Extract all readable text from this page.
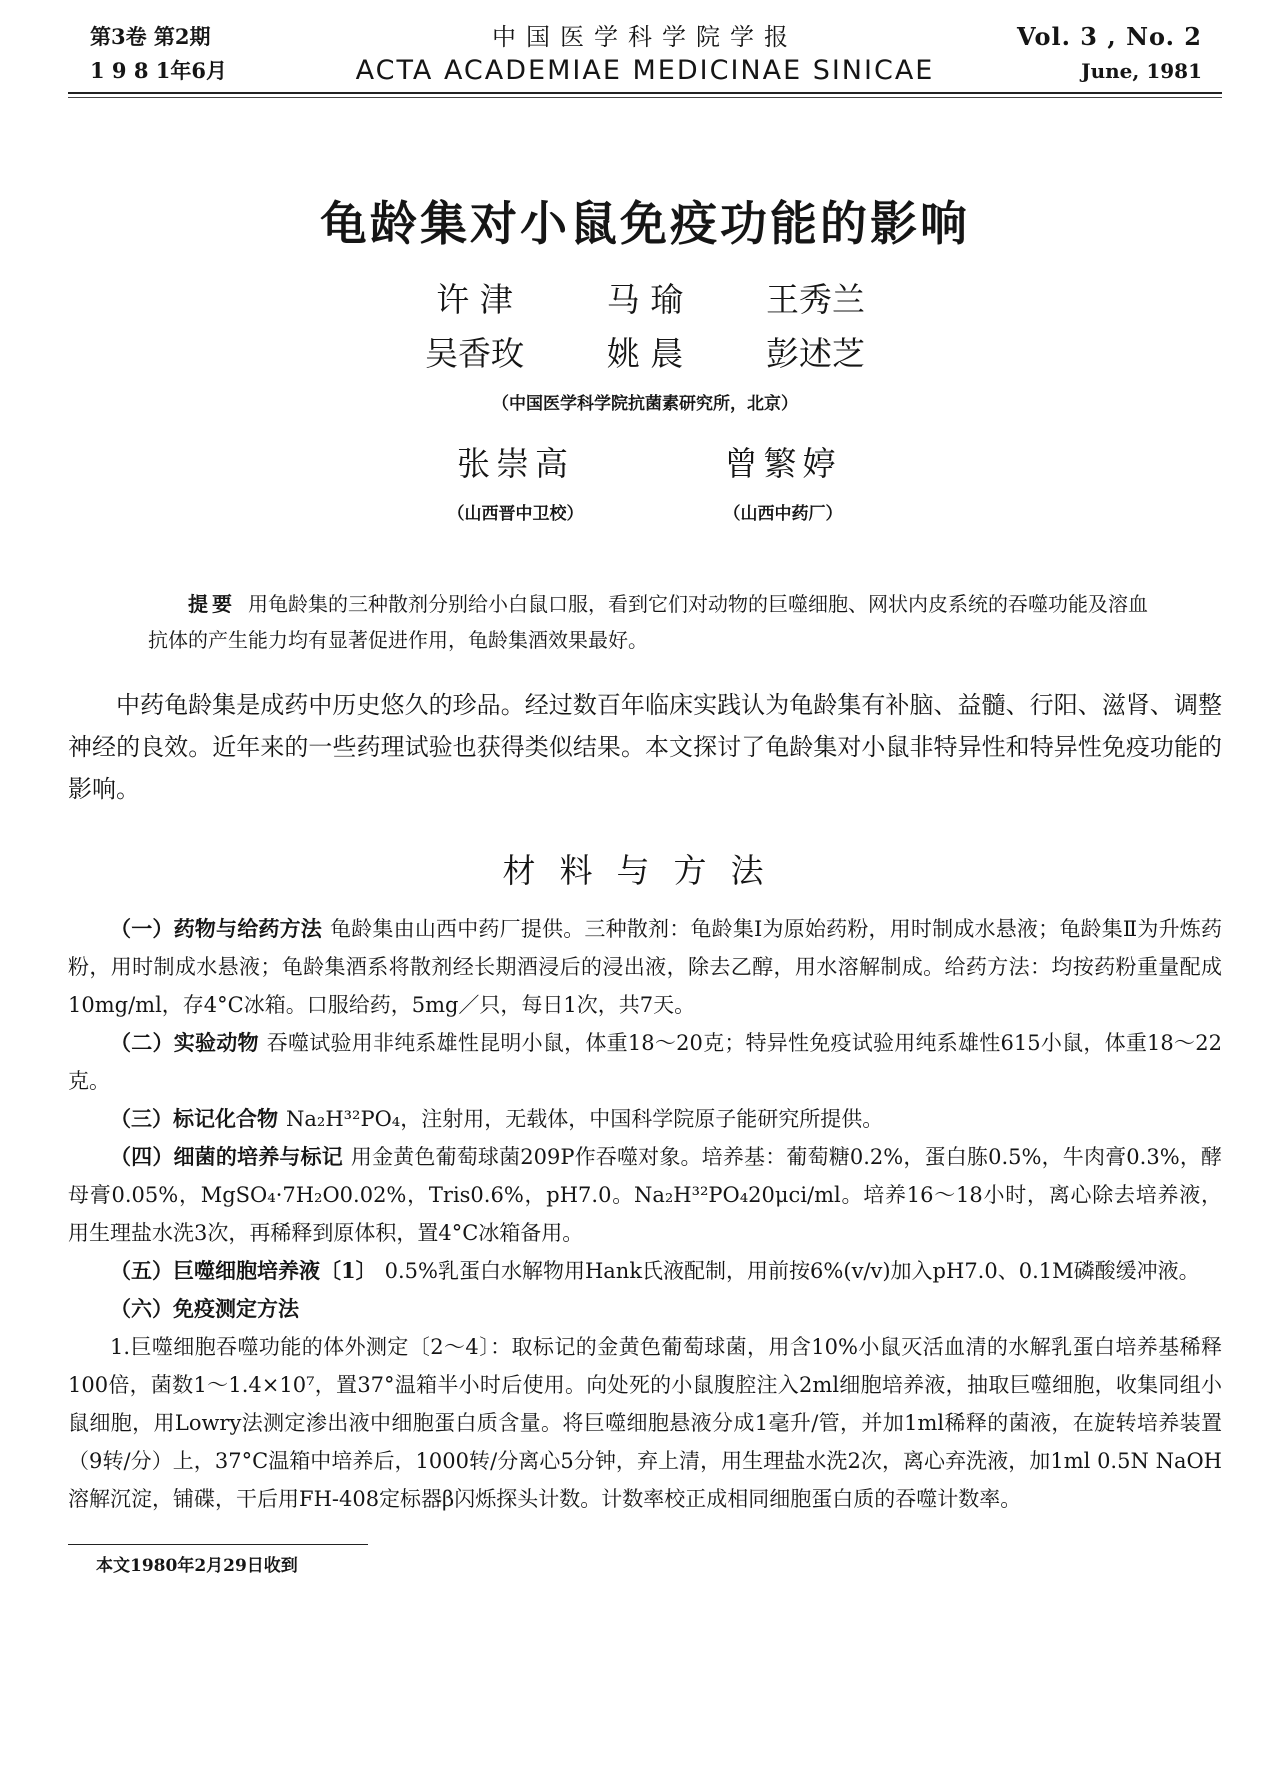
第3卷 第2期
1 9 8 1年6月
中国医学科学院学报
ACTA ACADEMIAE MEDICINAE SINICAE
Vol. 3 , No. 2
June, 1981
龟龄集对小鼠免疫功能的影响
许 津	马 瑜	王秀兰
吴香玫	姚 晨	彭述芝
（中国医学科学院抗菌素研究所，北京）
张崇高
（山西晋中卫校）
曾繁婷
（山西中药厂）
提要 用龟龄集的三种散剂分别给小白鼠口服，看到它们对动物的巨噬细胞、网状内皮系统的吞噬功能及溶血抗体的产生能力均有显著促进作用，龟龄集酒效果最好。

中药龟龄集是成药中历史悠久的珍品。经过数百年临床实践认为龟龄集有补脑、益髓、行阳、滋肾、调整神经的良效。近年来的一些药理试验也获得类似结果。本文探讨了龟龄集对小鼠非特异性和特异性免疫功能的影响。

材料与方法

（一）药物与给药方法 龟龄集由山西中药厂提供。三种散剂：龟龄集Ⅰ为原始药粉，用时制成水悬液；龟龄集Ⅱ为升炼药粉，用时制成水悬液；龟龄集酒系将散剂经长期酒浸后的浸出液，除去乙醇，用水溶解制成。给药方法：均按药粉重量配成10mg/ml，存4°C冰箱。口服给药，5mg／只，每日1次，共7天。

（二）实验动物 吞噬试验用非纯系雄性昆明小鼠，体重18～20克；特异性免疫试验用纯系雄性615小鼠，体重18～22克。

（三）标记化合物 Na₂H³²PO₄，注射用，无载体，中国科学院原子能研究所提供。

（四）细菌的培养与标记 用金黄色葡萄球菌209P作吞噬对象。培养基：葡萄糖0.2%，蛋白胨0.5%，牛肉膏0.3%，酵母膏0.05%，MgSO₄·7H₂O0.02%，Tris0.6%，pH7.0。Na₂H³²PO₄20μci/ml。培养16～18小时，离心除去培养液，用生理盐水洗3次，再稀释到原体积，置4°C冰箱备用。

（五）巨噬细胞培养液〔1〕 0.5%乳蛋白水解物用Hank氏液配制，用前按6%(v/v)加入pH7.0、0.1M磷酸缓冲液。

（六）免疫测定方法

1.巨噬细胞吞噬功能的体外测定〔2～4〕：取标记的金黄色葡萄球菌，用含10%小鼠灭活血清的水解乳蛋白培养基稀释100倍，菌数1～1.4×10⁷，置37°温箱半小时后使用。向处死的小鼠腹腔注入2ml细胞培养液，抽取巨噬细胞，收集同组小鼠细胞，用Lowry法测定渗出液中细胞蛋白质含量。将巨噬细胞悬液分成1毫升/管，并加1ml稀释的菌液，在旋转培养装置（9转/分）上，37°C温箱中培养后，1000转/分离心5分钟，弃上清，用生理盐水洗2次，离心弃洗液，加1ml 0.5N NaOH溶解沉淀，铺碟，干后用FH-408定标器β闪烁探头计数。计数率校正成相同细胞蛋白质的吞噬计数率。

本文1980年2月29日收到
